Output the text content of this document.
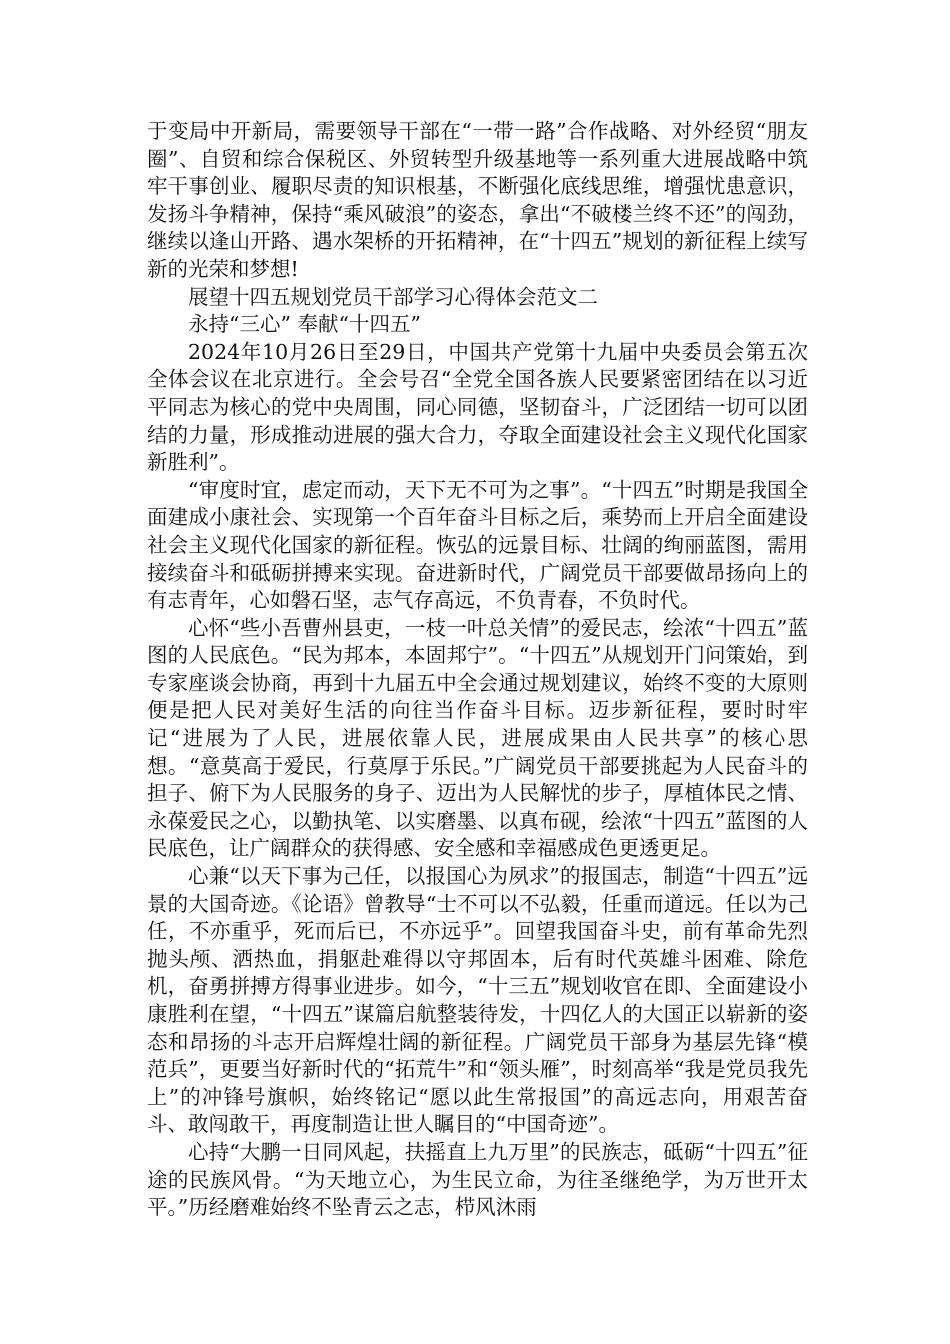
于变局中开新局，需要领导干部在“一带一路”合作战略、对外经贸“朋友圈”、自贸和综合保税区、外贸转型升级基地等一系列重大进展战略中筑牢干事创业、履职尽责的知识根基，不断强化底线思维，增强忧患意识，发扬斗争精神，保持“乘风破浪”的姿态，拿出“不破楼兰终不还”的闯劲，继续以逢山开路、遇水架桥的开拓精神，在“十四五”规划的新征程上续写新的光荣和梦想!

展望十四五规划党员干部学习心得体会范文二

永持“三心” 奉献“十四五”

2024年10月26日至29日，中国共产党第十九届中央委员会第五次全体会议在北京进行。全会号召“全党全国各族人民要紧密团结在以习近平同志为核心的党中央周围，同心同德，坚韧奋斗，广泛团结一切可以团结的力量，形成推动进展的强大合力，夺取全面建设社会主义现代化国家新胜利”。

“审度时宜，虑定而动，天下无不可为之事”。“十四五”时期是我国全面建成小康社会、实现第一个百年奋斗目标之后，乘势而上开启全面建设社会主义现代化国家的新征程。恢弘的远景目标、壮阔的绚丽蓝图，需用接续奋斗和砥砺拼搏来实现。奋进新时代，广阔党员干部要做昂扬向上的有志青年，心如磐石坚，志气存高远，不负青春，不负时代。

心怀“些小吾曹州县吏，一枝一叶总关情”的爱民志，绘浓“十四五”蓝图的人民底色。“民为邦本，本固邦宁”。“十四五”从规划开门问策始，到专家座谈会协商，再到十九届五中全会通过规划建议，始终不变的大原则便是把人民对美好生活的向往当作奋斗目标。迈步新征程，要时时牢记“进展为了人民，进展依靠人民，进展成果由人民共享”的核心思想。“意莫高于爱民，行莫厚于乐民。”广阔党员干部要挑起为人民奋斗的担子、俯下为人民服务的身子、迈出为人民解忧的步子，厚植体民之情、永葆爱民之心，以勤执笔、以实磨墨、以真布砚，绘浓“十四五”蓝图的人民底色，让广阔群众的获得感、安全感和幸福感成色更透更足。

心兼“以天下事为己任，以报国心为夙求”的报国志，制造“十四五”远景的大国奇迹。《论语》曾教导“士不可以不弘毅，任重而道远。任以为己任，不亦重乎，死而后已，不亦远乎”。回望我国奋斗史，前有革命先烈抛头颅、洒热血，捐躯赴难得以守邦固本，后有时代英雄斗困难、除危机，奋勇拼搏方得事业进步。如今，“十三五”规划收官在即、全面建设小康胜利在望，“十四五”谋篇启航整装待发，十四亿人的大国正以崭新的姿态和昂扬的斗志开启辉煌壮阔的新征程。广阔党员干部身为基层先锋“模范兵”，更要当好新时代的“拓荒牛”和“领头雁”，时刻高举“我是党员我先上”的冲锋号旗帜，始终铭记“愿以此生常报国”的高远志向，用艰苦奋斗、敢闯敢干，再度制造让世人瞩目的“中国奇迹”。

心持“大鹏一日同风起，扶摇直上九万里”的民族志，砥砺“十四五”征途的民族风骨。“为天地立心，为生民立命，为往圣继绝学，为万世开太平。”历经磨难始终不坠青云之志，栉风沐雨
